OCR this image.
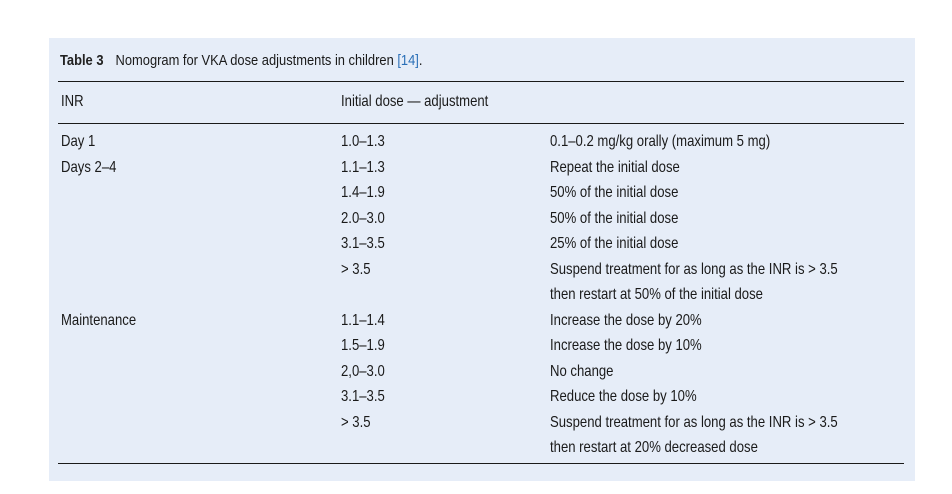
Table 3 Nomogram for VKA dose adjustments in children [14].
INR	Initial dose — adjustment
Day 1	1.0–1.3	0.1–0.2 mg/kg orally (maximum 5 mg)
Days 2–4	1.1–1.3	Repeat the initial dose
1.4–1.9	50% of the initial dose
2.0–3.0	50% of the initial dose
3.1–3.5	25% of the initial dose
> 3.5	Suspend treatment for as long as the INR is > 3.5
then restart at 50% of the initial dose
Maintenance	1.1–1.4	Increase the dose by 20%
1.5–1.9	Increase the dose by 10%
2,0–3.0	No change
3.1–3.5	Reduce the dose by 10%
> 3.5	Suspend treatment for as long as the INR is > 3.5
then restart at 20% decreased dose
